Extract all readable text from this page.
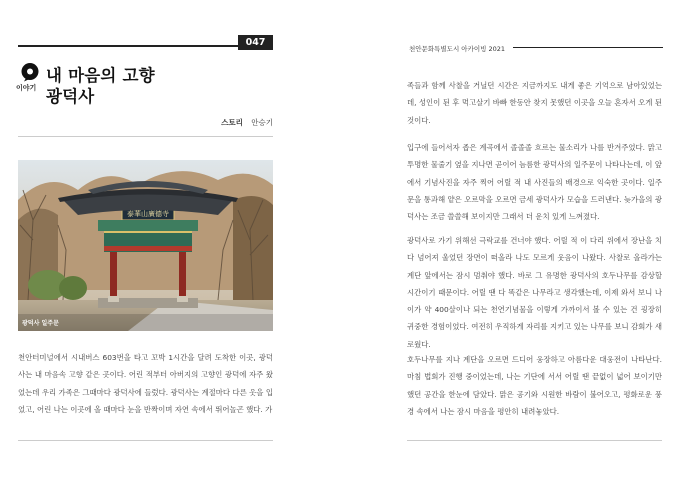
047
이야기
내 마음의 고향
광덕사
스토리 안승기
泰華山廣德寺
광덕사 일주문
천안터미널에서 시내버스 603번을 타고 꼬박 1시간을 달려 도착한 이곳, 광덕사는 내 마음속 고향 같은 곳이다. 어린 적부터 아버지의 고향인 광덕에 자주 왔었는데 우리 가족은 그때마다 광덕사에 들렀다. 광덕사는 계절마다 다른 옷을 입었고, 어린 나는 이곳에 올 때마다 눈을 반짝이며 자연 속에서 뛰어놀곤 했다. 가
천안문화특별도시 아카이빙 2021
족들과 함께 사찰을 거닐던 시간은 지금까지도 내게 좋은 기억으로 남아있었는데, 성인이 된 후 먹고살기 바빠 한동안 찾지 못했던 이곳을 오늘 혼자서 오게 된 것이다.
입구에 들어서자 좁은 계곡에서 졸졸졸 흐르는 물소리가 나를 반겨주었다. 맑고 투명한 물줄기 옆을 지나면 곧이어 늠름한 광덕사의 일주문이 나타나는데, 이 앞에서 기념사진을 자주 찍어 어릴 적 내 사진들의 배경으로 익숙한 곳이다. 일주문을 통과해 얕은 오르막을 오르면 금세 광덕사가 모습을 드러낸다. 늦가을의 광덕사는 조금 쓸쓸해 보이지만 그래서 더 운치 있게 느껴졌다.
광덕사로 가기 위해선 극락교를 건너야 했다. 어릴 적 이 다리 위에서 장난을 치다 넘어져 울었던 장면이 떠올라 나도 모르게 웃음이 나왔다. 사찰로 올라가는 계단 앞에서는 잠시 멈춰야 했다. 바로 그 유명한 광덕사의 호두나무를 감상할 시간이기 때문이다. 어릴 땐 다 똑같은 나무라고 생각했는데, 이제 와서 보니 나이가 약 400살이나 되는 천연기념물을 이렇게 가까이서 볼 수 있는 건 굉장히 귀중한 경험이었다. 여전히 우직하게 자리를 지키고 있는 나무를 보니 감회가 새로웠다.
호두나무를 지나 계단을 오르면 드디어 웅장하고 아름다운 대웅전이 나타난다. 마침 법회가 진행 중이었는데, 나는 기단에 서서 어릴 땐 끝없이 넓어 보이기만 했던 공간을 한눈에 담았다. 맑은 공기와 시원한 바람이 불어오고, 평화로운 풍경 속에서 나는 잠시 마음을 평안히 내려놓았다.
